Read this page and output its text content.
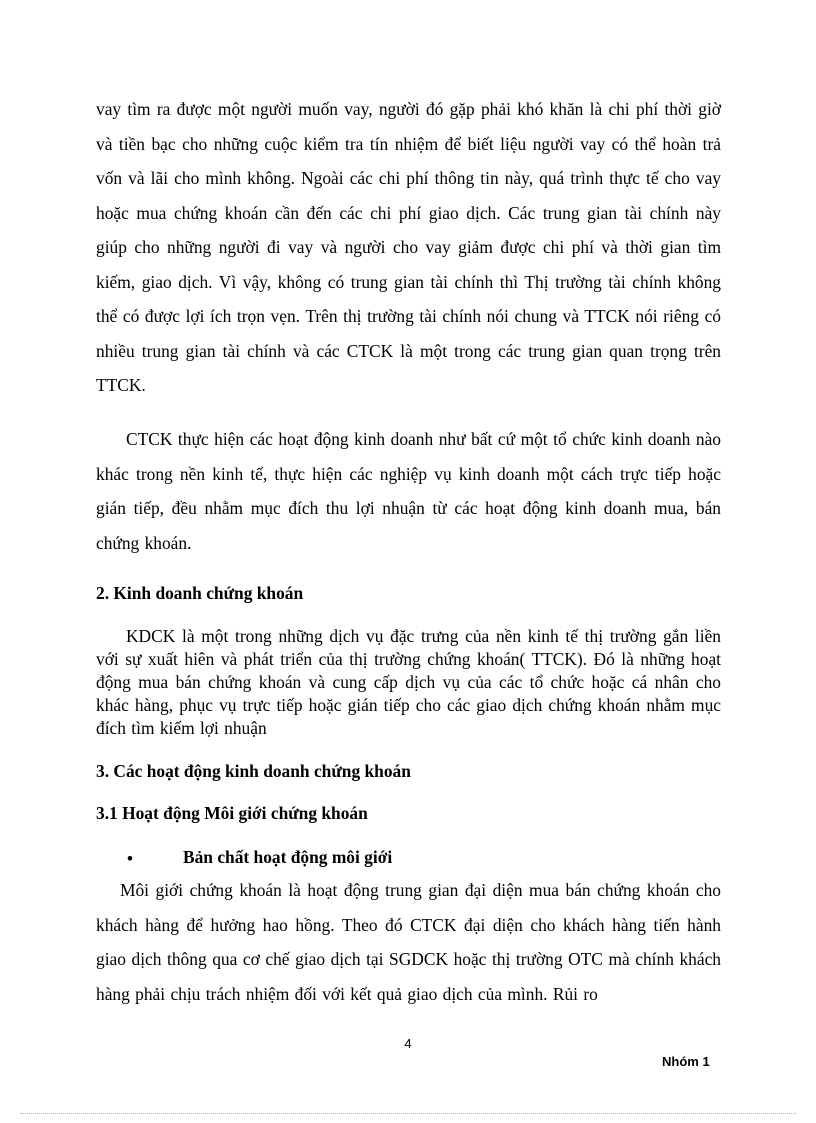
vay tìm ra được một người muốn vay, người đó gặp phải khó khăn là chi phí thời giờ và tiền bạc cho những cuộc kiểm tra tín nhiệm để biết liệu người vay có thể hoàn trả vốn và lãi cho mình không. Ngoài các chi phí thông tin này, quá trình thực tế cho vay hoặc mua chứng khoán cần đến các chi phí giao dịch. Các trung gian tài chính này giúp cho những người đi vay và người cho vay giảm được chi phí và thời gian tìm kiếm, giao dịch. Vì vậy, không có trung gian tài chính thì Thị trường tài chính không thể có được lợi ích trọn vẹn. Trên thị trường tài chính nói chung và TTCK nói riêng có nhiều trung gian tài chính và các CTCK là một trong các trung gian quan trọng trên TTCK.

CTCK thực hiện các hoạt động kinh doanh như bất cứ một tổ chức kinh doanh nào khác trong nền kinh tế, thực hiện các nghiệp vụ kinh doanh một cách trực tiếp hoặc gián tiếp, đều nhằm mục đích thu lợi nhuận từ các hoạt động kinh doanh mua, bán chứng khoán.

2. Kinh doanh chứng khoán

KDCK là một trong những dịch vụ đặc trưng của nền kinh tế thị trường gắn liền với sự xuất hiên và phát triển của thị trường chứng khoán( TTCK). Đó là những hoạt động mua bán chứng khoán và cung cấp dịch vụ của các tổ chức hoặc cá nhân cho khác hàng, phục vụ trực tiếp hoặc gián tiếp cho các giao dịch chứng khoán nhằm mục đích tìm kiếm lợi nhuận

3. Các hoạt động kinh doanh chứng khoán
3.1 Hoạt động Môi giới chứng khoán
•	Bản chất hoạt động môi giới

Môi giới chứng khoán là hoạt động trung gian đại diện mua bán chứng khoán cho khách hàng để hưởng hao hồng. Theo đó CTCK đại diện cho khách hàng tiến hành giao dịch thông qua cơ chế giao dịch tại SGDCK hoặc thị trường OTC mà chính khách hàng phải chịu trách nhiệm đối với kết quả giao dịch của mình. Rủi ro

4
Nhóm 1
